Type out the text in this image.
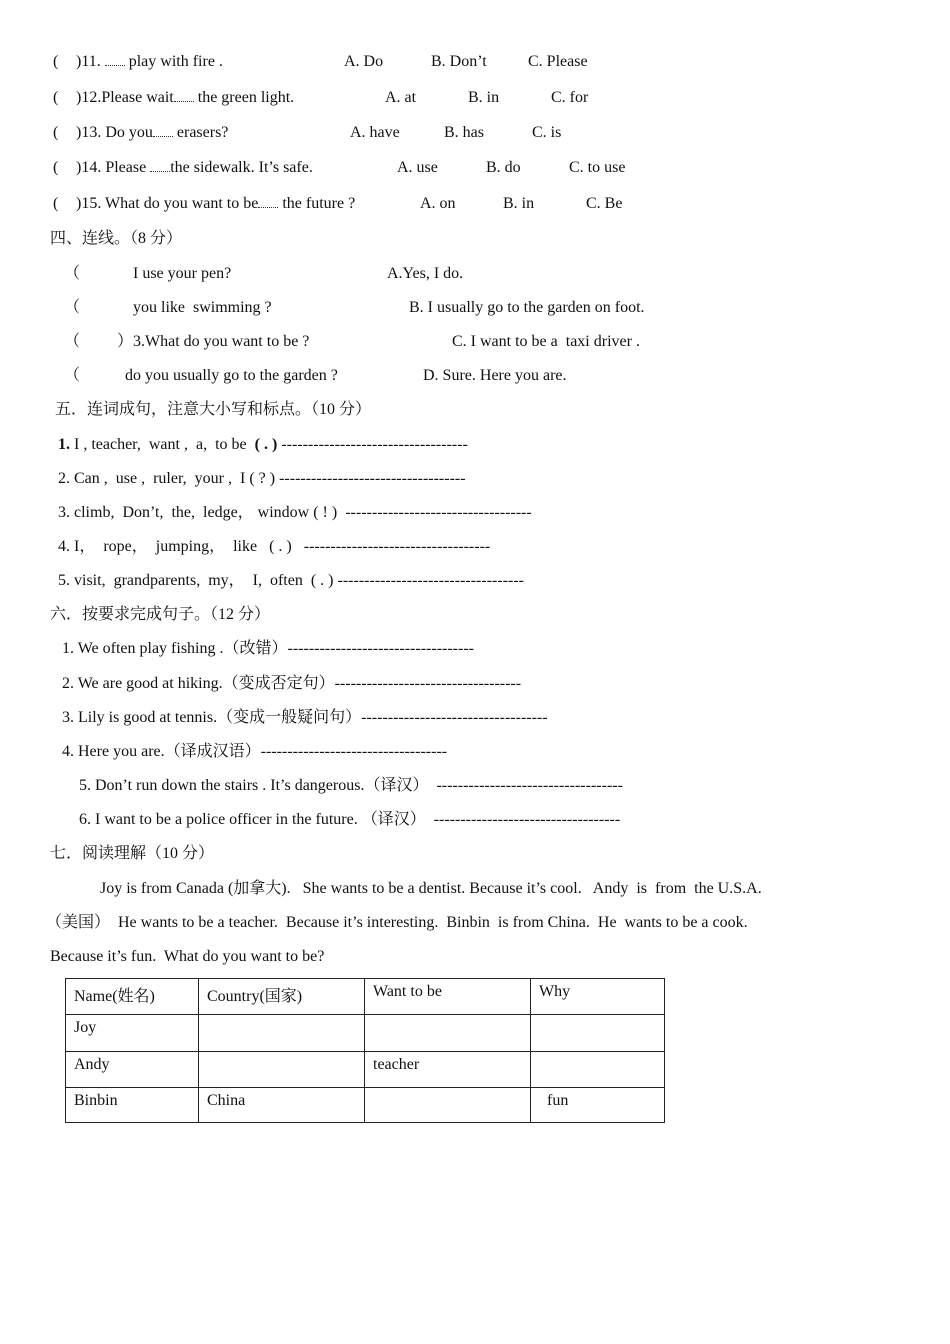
( )11. play with fire .	A. Do	B. Don’t	C. Please
( )12.Please wait the green light.	A. at	B. in	C. for
( )13. Do you erasers?	A. have	B. has	C. is
( )14. Please the sidewalk. It’s safe.	A. use	B. do	C. to use
( )15. What do you want to be the future ?	A. on	B. in	C. Be
四、连线。（8 分）
（	I use your pen?	A.Yes, I do.
（	you like  swimming ?	B. I usually go to the garden on foot.
（ ）3.What do you want to be ?	C. I want to be a  taxi driver .
（	do you usually go to the garden ?	D. Sure. Here you are.
五．连词成句，注意大小写和标点。（10 分）
1. I , teacher,  want ,  a,  to be  ( . ) -----------------------------------
2. Can ,  use ,  ruler,  your ,  I ( ? ) -----------------------------------
3. climb,  Don’t,  the,  ledge， window ( ! )  -----------------------------------
4. I，  rope，  jumping，  like   ( . )   -----------------------------------
5. visit,  grandparents,  my，  I,  often  ( . ) -----------------------------------
六．按要求完成句子。（12 分）
1. We often play fishing .（改错）-----------------------------------
2. We are good at hiking.（变成否定句）-----------------------------------
3. Lily is good at tennis.（变成一般疑问句）-----------------------------------
4. Here you are.（译成汉语）-----------------------------------
5. Don’t run down the stairs . It’s dangerous.（译汉）  -----------------------------------
6. I want to be a police officer in the future. （译汉）  -----------------------------------
七．阅读理解（10 分）
Joy is from Canada (加拿大).   She wants to be a dentist. Because it’s cool.   Andy  is  from  the U.S.A.
（美国）  He wants to be a teacher.  Because it’s interesting.  Binbin  is from China.  He  wants to be a cook.
Because it’s fun.  What do you want to be?
Name(姓名)	Country(国家)	Want to be	Why
Joy			
Andy		teacher	
Binbin	China		fun
